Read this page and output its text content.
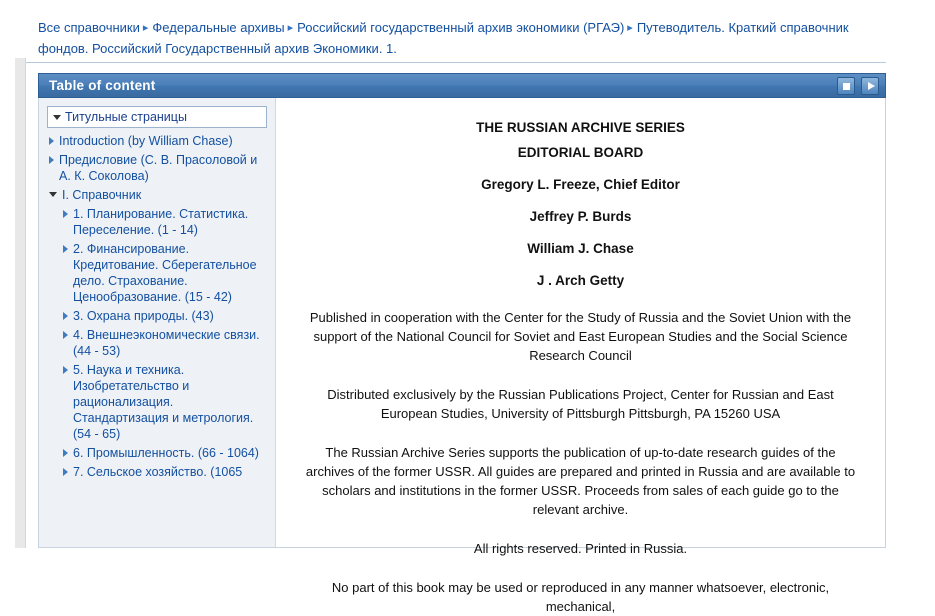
Все справочники ▸ Федеральные архивы ▸ Российский государственный архив экономики (РГАЭ) ▸ Путеводитель. Краткий справочник фондов. Российский Государственный архив Экономики. 1.
Table of content
Титульные страницы
Introduction (by William Chase)
Предисловие (С. В. Прасоловой и А. К. Соколова)
I. Справочник
1. Планирование. Статистика. Переселение. (1 - 14)
2. Финансирование. Кредитование. Сберегательное дело. Страхование. Ценообразование. (15 - 42)
3. Охрана природы. (43)
4. Внешнеэкономические связи. (44 - 53)
5. Наука и техника. Изобретательство и рационализация. Стандартизация и метрология. (54 - 65)
6. Промышленность. (66 - 1064)
7. Сельское хозяйство. (1065
THE RUSSIAN ARCHIVE SERIES
EDITORIAL BOARD
Gregory L. Freeze, Chief Editor
Jeffrey P. Burds
William J. Chase
J . Arch Getty
Published in cooperation with the Center for the Study of Russia and the Soviet Union with the support of the National Council for Soviet and East European Studies and the Social Science Research Council
Distributed exclusively by the Russian Publications Project, Center for Russian and East European Studies, University of Pittsburgh Pittsburgh, PA 15260 USA
The Russian Archive Series supports the publication of up-to-date research guides of the archives of the former USSR. All guides are prepared and printed in Russia and are available to scholars and institutions in the former USSR. Proceeds from sales of each guide go to the relevant archive.
All rights reserved. Printed in Russia.
No part of this book may be used or reproduced in any manner whatsoever, electronic, mechanical,
